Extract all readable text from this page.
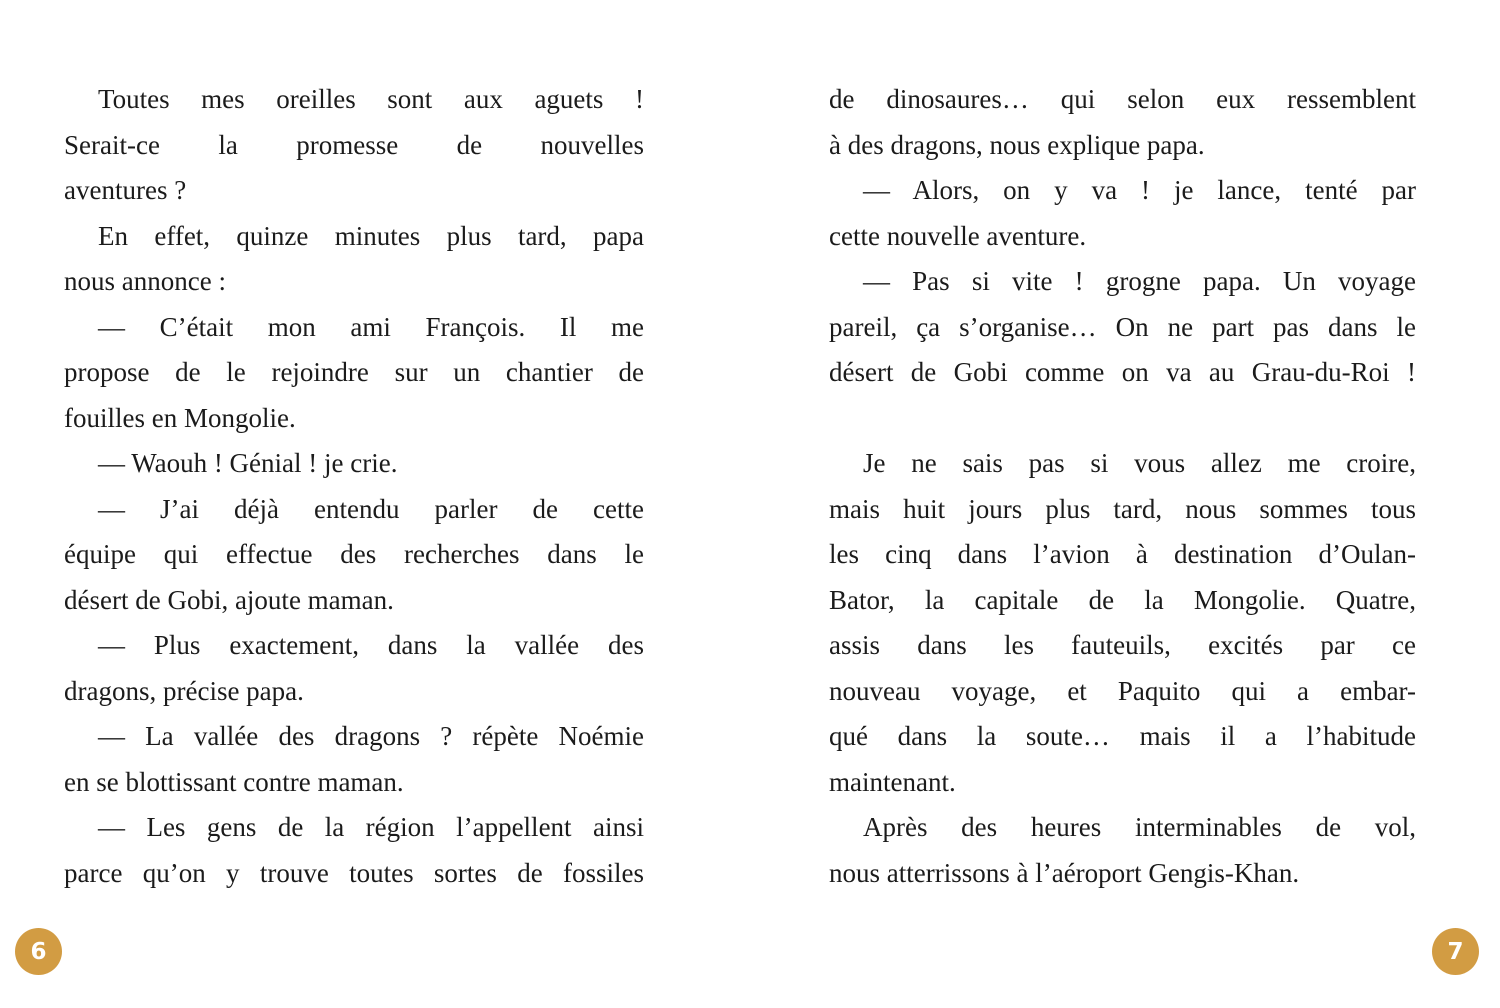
Toutes mes oreilles sont aux aguets !
Serait-ce la promesse de nouvelles
aventures ?
En effet, quinze minutes plus tard, papa
nous annonce :
— C’était mon ami François. Il me
propose de le rejoindre sur un chantier de
fouilles en Mongolie.
— Waouh ! Génial ! je crie.
— J’ai déjà entendu parler de cette
équipe qui effectue des recherches dans le
désert de Gobi, ajoute maman.
— Plus exactement, dans la vallée des
dragons, précise papa.
— La vallée des dragons ? répète Noémie
en se blottissant contre maman.
— Les gens de la région l’appellent ainsi
parce qu’on y trouve toutes sortes de fossiles
6
de dinosaures… qui selon eux ressemblent
à des dragons, nous explique papa.
— Alors, on y va ! je lance, tenté par
cette nouvelle aventure.
— Pas si vite ! grogne papa. Un voyage
pareil, ça s’organise… On ne part pas dans le
désert de Gobi comme on va au Grau-du-Roi !
Je ne sais pas si vous allez me croire,
mais huit jours plus tard, nous sommes tous
les cinq dans l’avion à destination d’Oulan-
Bator, la capitale de la Mongolie. Quatre,
assis dans les fauteuils, excités par ce
nouveau voyage, et Paquito qui a embar-
qué dans la soute… mais il a l’habitude
maintenant.
Après des heures interminables de vol,
nous atterrissons à l’aéroport Gengis-Khan.
7
